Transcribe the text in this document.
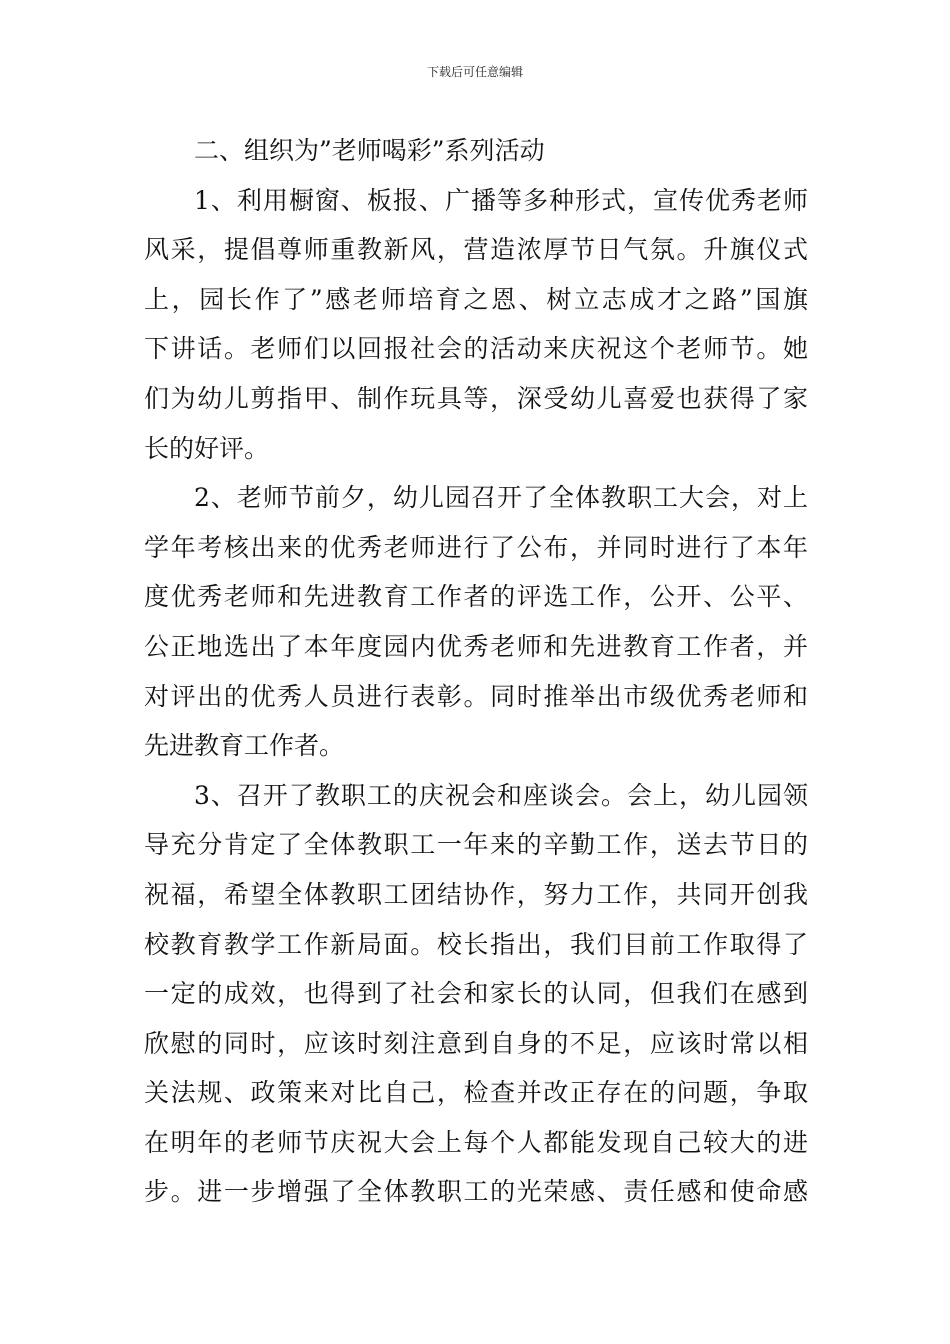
下载后可任意编辑
二、组织为”老师喝彩”系列活动
1、利用橱窗、板报、广播等多种形式，宣传优秀老师
风采，提倡尊师重教新风，营造浓厚节日气氛。升旗仪式
上，园长作了”感老师培育之恩、树立志成才之路”国旗
下讲话。老师们以回报社会的活动来庆祝这个老师节。她
们为幼儿剪指甲、制作玩具等，深受幼儿喜爱也获得了家
长的好评。
2、老师节前夕，幼儿园召开了全体教职工大会，对上
学年考核出来的优秀老师进行了公布，并同时进行了本年
度优秀老师和先进教育工作者的评选工作，公开、公平、
公正地选出了本年度园内优秀老师和先进教育工作者，并
对评出的优秀人员进行表彰。同时推举出市级优秀老师和
先进教育工作者。
3、召开了教职工的庆祝会和座谈会。会上，幼儿园领
导充分肯定了全体教职工一年来的辛勤工作，送去节日的
祝福，希望全体教职工团结协作，努力工作，共同开创我
校教育教学工作新局面。校长指出，我们目前工作取得了
一定的成效，也得到了社会和家长的认同，但我们在感到
欣慰的同时，应该时刻注意到自身的不足，应该时常以相
关法规、政策来对比自己，检查并改正存在的问题，争取
在明年的老师节庆祝大会上每个人都能发现自己较大的进
步。进一步增强了全体教职工的光荣感、责任感和使命感
